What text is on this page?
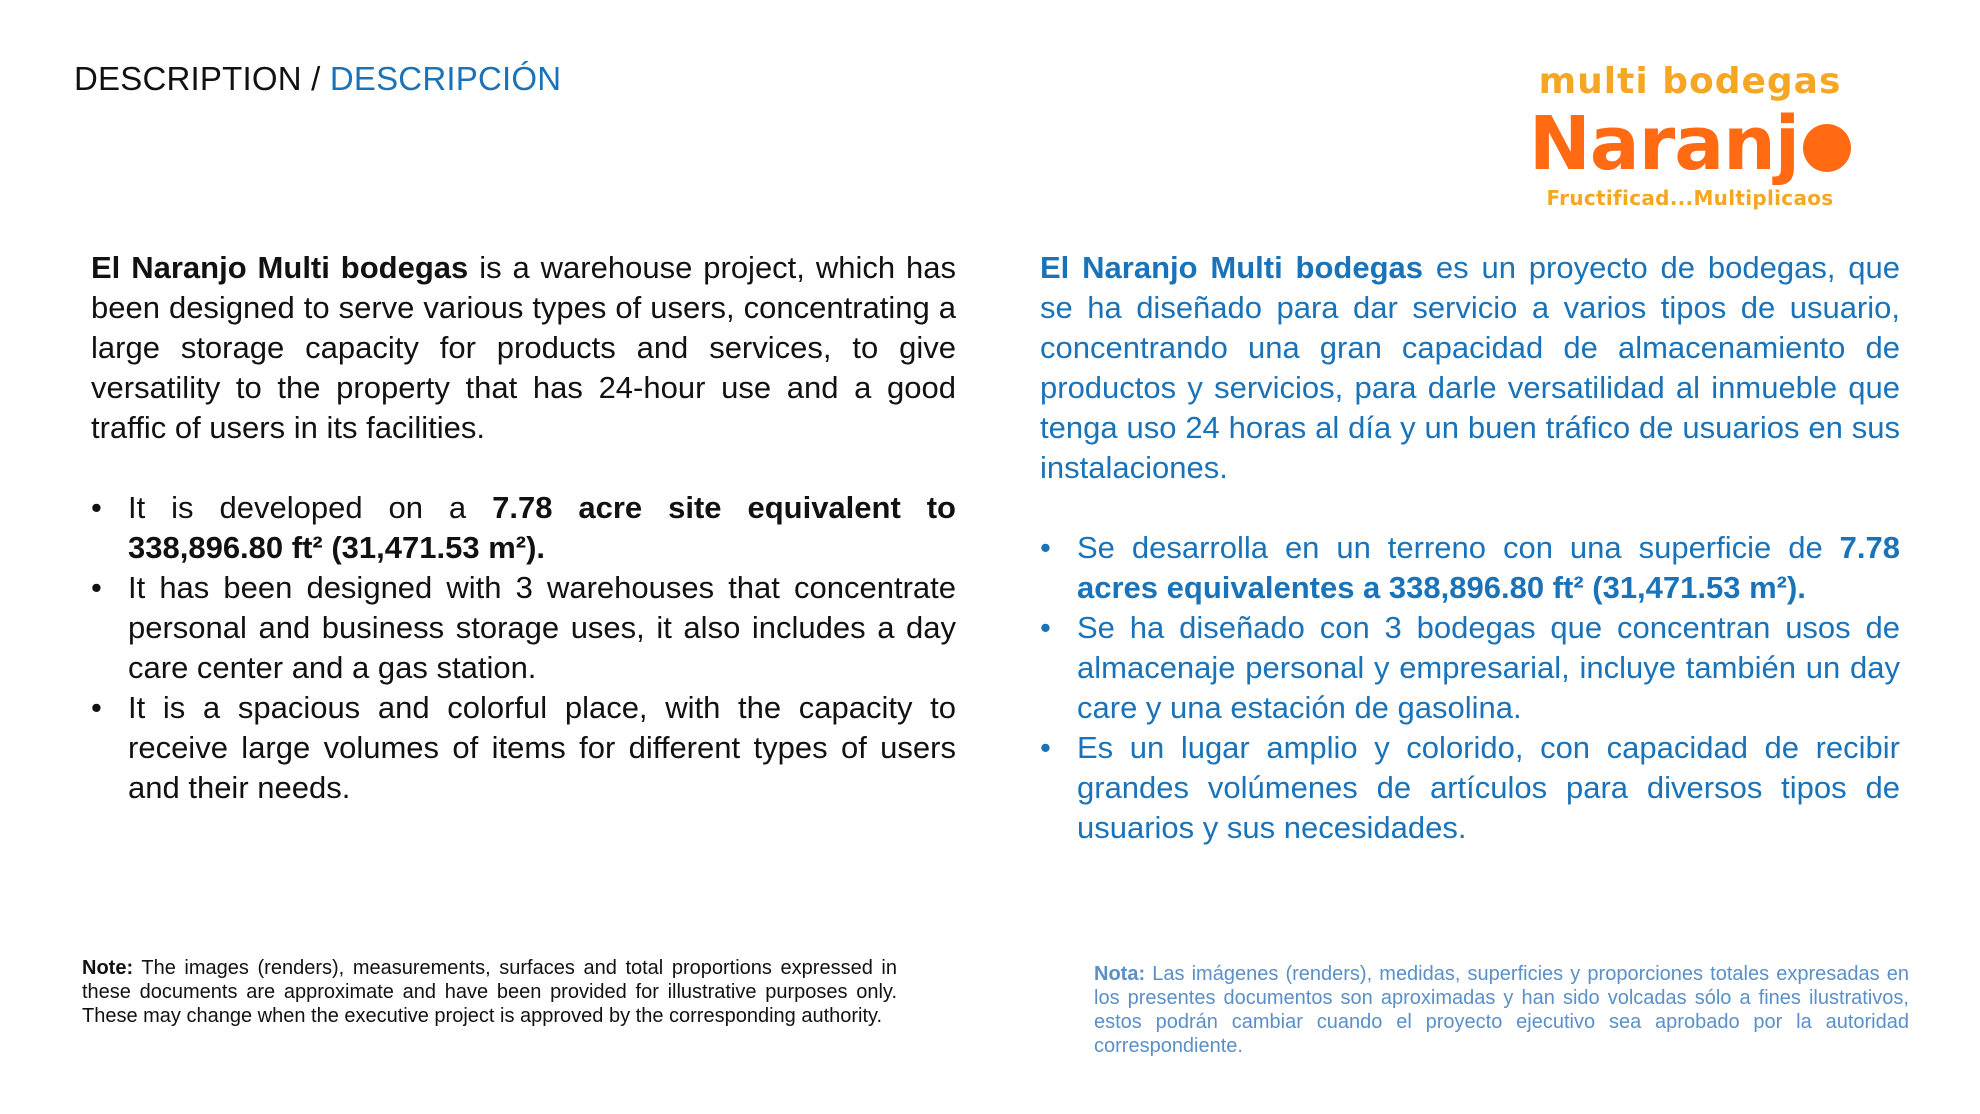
DESCRIPTION / DESCRIPCIÓN	multi bodegas
Naranj
Fructificad...Multiplicaos

El Naranjo Multi bodegas is a warehouse project, which has been designed to serve various types of users, concentrating a large storage capacity for products and services, to give versatility to the property that has 24-hour use and a good traffic of users in its facilities.

• It is developed on a 7.78 acre site equivalent to 338,896.80 ft² (31,471.53 m²).
• It has been designed with 3 warehouses that concentrate personal and business storage uses, it also includes a day care center and a gas station.
• It is a spacious and colorful place, with the capacity to receive large volumes of items for different types of users and their needs.

El Naranjo Multi bodegas es un proyecto de bodegas, que se ha diseñado para dar servicio a varios tipos de usuario, concentrando una gran capacidad de almacenamiento de productos y servicios, para darle versatilidad al inmueble que tenga uso 24 horas al día y un buen tráfico de usuarios en sus instalaciones.

• Se desarrolla en un terreno con una superficie de 7.78 acres equivalentes a 338,896.80 ft² (31,471.53 m²).
• Se ha diseñado con 3 bodegas que concentran usos de almacenaje personal y empresarial, incluye también un day care y una estación de gasolina.
• Es un lugar amplio y colorido, con capacidad de recibir grandes volúmenes de artículos para diversos tipos de usuarios y sus necesidades.
Note: The images (renders), measurements, surfaces and total proportions expressed in these documents are approximate and have been provided for illustrative purposes only. These may change when the executive project is approved by the corresponding authority.
Nota: Las imágenes (renders), medidas, superficies y proporciones totales expresadas en los presentes documentos son aproximadas y han sido volcadas sólo a fines ilustrativos, estos podrán cambiar cuando el proyecto ejecutivo sea aprobado por la autoridad correspondiente.
